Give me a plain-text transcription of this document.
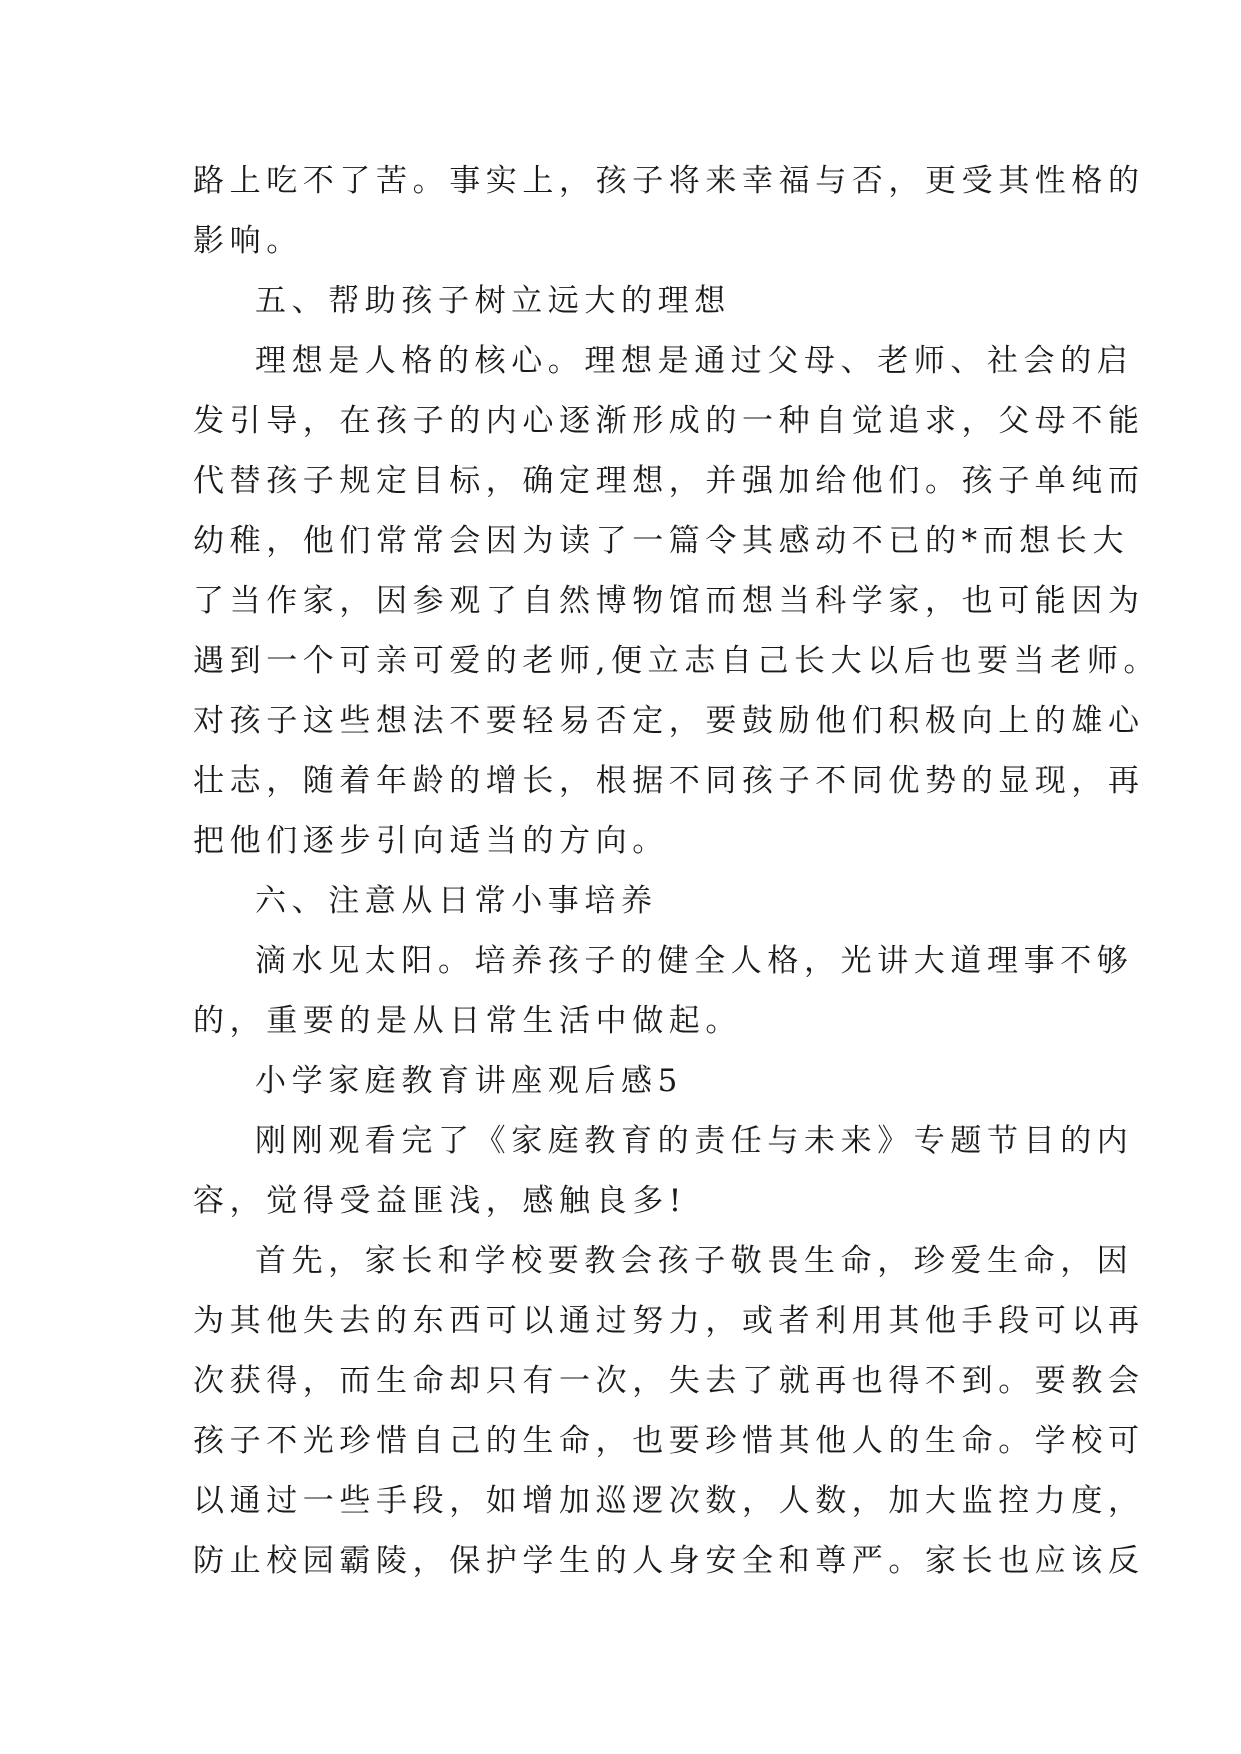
路上吃不了苦。事实上，孩子将来幸福与否，更受其性格的
影响。
五、帮助孩子树立远大的理想
理想是人格的核心。理想是通过父母、老师、社会的启
发引导，在孩子的内心逐渐形成的一种自觉追求，父母不能
代替孩子规定目标，确定理想，并强加给他们。孩子单纯而
幼稚，他们常常会因为读了一篇令其感动不已的*而想长大
了当作家，因参观了自然博物馆而想当科学家，也可能因为
遇到一个可亲可爱的老师,便立志自己长大以后也要当老师。
对孩子这些想法不要轻易否定，要鼓励他们积极向上的雄心
壮志，随着年龄的增长，根据不同孩子不同优势的显现，再
把他们逐步引向适当的方向。
六、注意从日常小事培养
滴水见太阳。培养孩子的健全人格，光讲大道理事不够
的，重要的是从日常生活中做起。
小学家庭教育讲座观后感5
刚刚观看完了《家庭教育的责任与未来》专题节目的内
容，觉得受益匪浅，感触良多!
首先，家长和学校要教会孩子敬畏生命，珍爱生命，因
为其他失去的东西可以通过努力，或者利用其他手段可以再
次获得，而生命却只有一次，失去了就再也得不到。要教会
孩子不光珍惜自己的生命，也要珍惜其他人的生命。学校可
以通过一些手段，如增加巡逻次数，人数，加大监控力度，
防止校园霸陵，保护学生的人身安全和尊严。家长也应该反
